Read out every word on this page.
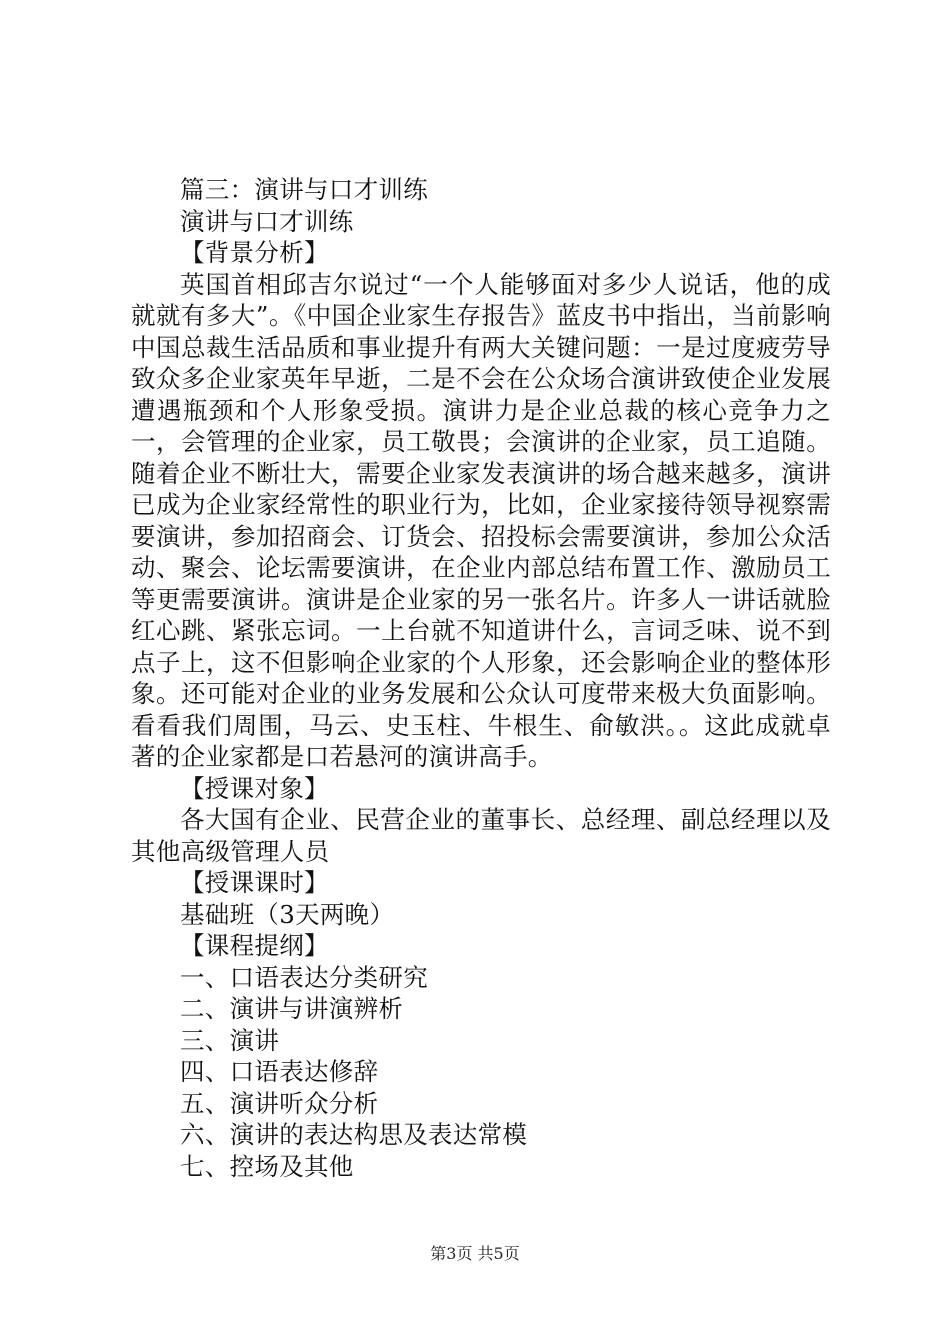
篇三：演讲与口才训练

演讲与口才训练

【背景分析】

英国首相邱吉尔说过“一个人能够面对多少人说话，他的成就就有多大”。《中国企业家生存报告》蓝皮书中指出，当前影响中国总裁生活品质和事业提升有两大关键问题：一是过度疲劳导致众多企业家英年早逝，二是不会在公众场合演讲致使企业发展遭遇瓶颈和个人形象受损。演讲力是企业总裁的核心竞争力之一，会管理的企业家，员工敬畏；会演讲的企业家，员工追随。随着企业不断壮大，需要企业家发表演讲的场合越来越多，演讲已成为企业家经常性的职业行为，比如，企业家接待领导视察需要演讲，参加招商会、订货会、招投标会需要演讲，参加公众活动、聚会、论坛需要演讲，在企业内部总结布置工作、激励员工等更需要演讲。演讲是企业家的另一张名片。许多人一讲话就脸红心跳、紧张忘词。一上台就不知道讲什么，言词乏味、说不到点子上，这不但影响企业家的个人形象，还会影响企业的整体形象。还可能对企业的业务发展和公众认可度带来极大负面影响。看看我们周围，马云、史玉柱、牛根生、俞敏洪。。这此成就卓著的企业家都是口若悬河的演讲高手。

【授课对象】

各大国有企业、民营企业的董事长、总经理、副总经理以及其他高级管理人员

【授课课时】

基础班（3天两晚）

【课程提纲】

一、口语表达分类研究

二、演讲与讲演辨析

三、演讲

四、口语表达修辞

五、演讲听众分析

六、演讲的表达构思及表达常模

七、控场及其他

第3页 共5页
